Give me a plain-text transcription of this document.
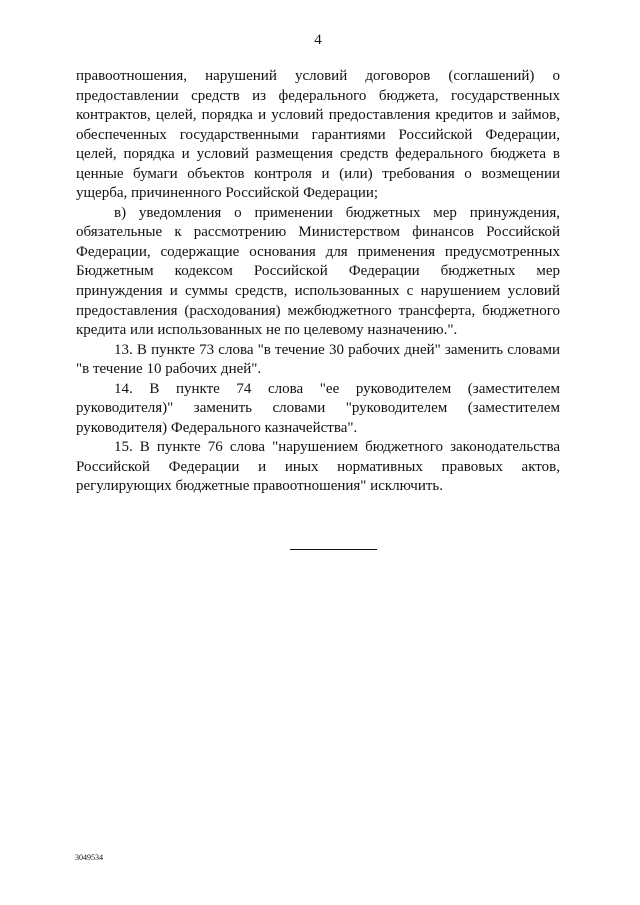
4
правоотношения, нарушений условий договоров (соглашений) о
предоставлении средств из федерального бюджета, государственных
контрактов, целей, порядка и условий предоставления кредитов и займов,
обеспеченных государственными гарантиями Российской Федерации,
целей, порядка и условий размещения средств федерального бюджета в
ценные бумаги объектов контроля и (или) требования о возмещении
ущерба, причиненного Российской Федерации;
в) уведомления о применении бюджетных мер принуждения,
обязательные к рассмотрению Министерством финансов Российской
Федерации, содержащие основания для применения предусмотренных
Бюджетным кодексом Российской Федерации бюджетных мер
принуждения и суммы средств, использованных с нарушением условий
предоставления (расходования) межбюджетного трансферта, бюджетного
кредита или использованных не по целевому назначению.".
13. В пункте 73 слова "в течение 30 рабочих дней" заменить словами
"в течение 10 рабочих дней".
14. В пункте 74 слова "ее руководителем (заместителем
руководителя)" заменить словами "руководителем (заместителем
руководителя) Федерального казначейства".
15. В пункте 76 слова "нарушением бюджетного законодательства
Российской Федерации и иных нормативных правовых актов,
регулирующих бюджетные правоотношения" исключить.
3049534
